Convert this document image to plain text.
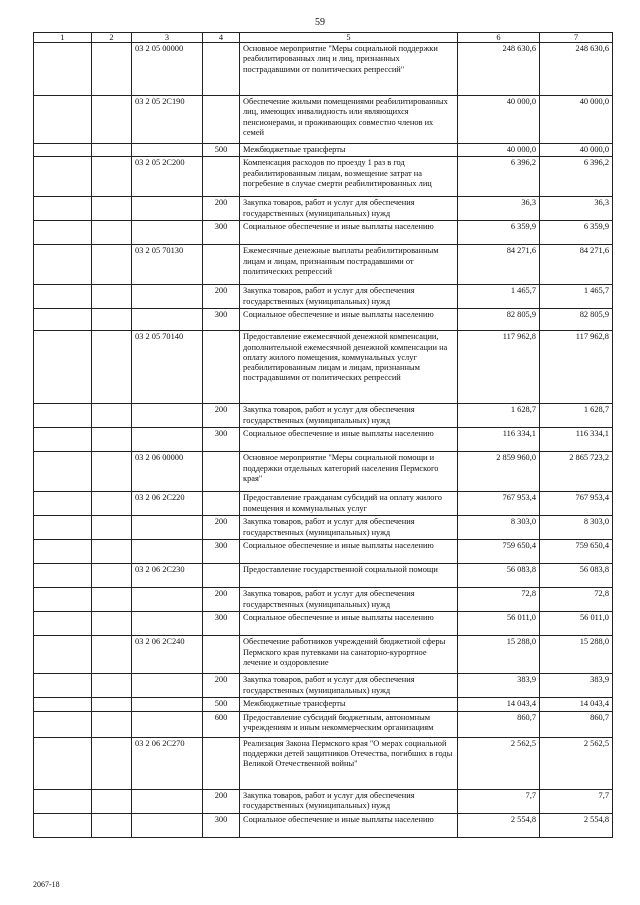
59
1	2	3	4	5	6	7
		03 2 05 00000		Основное мероприятие "Меры социальной поддержки реабилитированных лиц и лиц, признанных пострадавшими от политических репрессий"	248 630,6	248 630,6
		03 2 05 2С190		Обеспечение жилыми помещениями реабилитированных лиц, имеющих инвалидность или являющихся пенсионерами, и проживающих совместно членов их семей	40 000,0	40 000,0
			500	Межбюджетные трансферты	40 000,0	40 000,0
		03 2 05 2С200		Компенсация расходов по проезду 1 раз в год реабилитированным лицам, возмещение затрат на погребение в случае смерти реабилитированных лиц	6 396,2	6 396,2
			200	Закупка товаров, работ и услуг для обеспечения государственных (муниципальных) нужд	36,3	36,3
			300	Социальное обеспечение и иные выплаты населению	6 359,9	6 359,9
		03 2 05 70130		Ежемесячные денежные выплаты реабилитированным лицам и лицам, признанным пострадавшими от политических репрессий	84 271,6	84 271,6
			200	Закупка товаров, работ и услуг для обеспечения государственных (муниципальных) нужд	1 465,7	1 465,7
			300	Социальное обеспечение и иные выплаты населению	82 805,9	82 805,9
		03 2 05 70140		Предоставление ежемесячной денежной компенсации, дополнительной ежемесячной денежной компенсации на оплату жилого помещения, коммунальных услуг реабилитированным лицам и лицам, признанным пострадавшими от политических репрессий	117 962,8	117 962,8
			200	Закупка товаров, работ и услуг для обеспечения государственных (муниципальных) нужд	1 628,7	1 628,7
			300	Социальное обеспечение и иные выплаты населению	116 334,1	116 334,1
		03 2 06 00000		Основное мероприятие "Меры социальной помощи и поддержки отдельных категорий населения Пермского края"	2 859 960,0	2 865 723,2
		03 2 06 2С220		Предоставление гражданам субсидий на оплату жилого помещения и коммунальных услуг	767 953,4	767 953,4
			200	Закупка товаров, работ и услуг для обеспечения государственных (муниципальных) нужд	8 303,0	8 303,0
			300	Социальное обеспечение и иные выплаты населению	759 650,4	759 650,4
		03 2 06 2С230		Предоставление государственной социальной помощи	56 083,8	56 083,8
			200	Закупка товаров, работ и услуг для обеспечения государственных (муниципальных) нужд	72,8	72,8
			300	Социальное обеспечение и иные выплаты населению	56 011,0	56 011,0
		03 2 06 2С240		Обеспечение работников учреждений бюджетной сферы Пермского края путевками на санаторно-курортное лечение и оздоровление	15 288,0	15 288,0
			200	Закупка товаров, работ и услуг для обеспечения государственных (муниципальных) нужд	383,9	383,9
			500	Межбюджетные трансферты	14 043,4	14 043,4
			600	Предоставление субсидий бюджетным, автономным учреждениям и иным некоммерческим организациям	860,7	860,7
		03 2 06 2С270		Реализация Закона Пермского края "О мерах социальной поддержки детей защитников Отечества, погибших в годы Великой Отечественной войны"	2 562,5	2 562,5
			200	Закупка товаров, работ и услуг для обеспечения государственных (муниципальных) нужд	7,7	7,7
			300	Социальное обеспечение и иные выплаты населению	2 554,8	2 554,8
2067-18
